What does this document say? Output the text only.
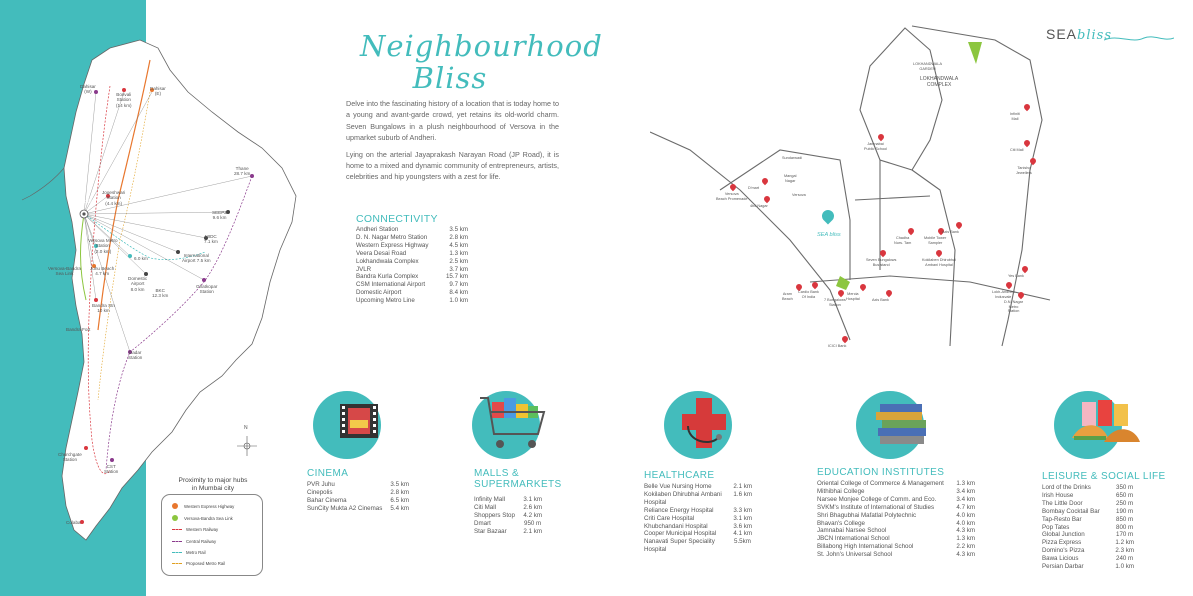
Dahisar
(W)
Borivali
Station
(14 km)
Dahisar
(E)
SEA bliss
Jogeshwari
Station
(4.4 km)
Versova Metro
Station
(2.0 km)
Juhu Beach
4.7 km
Bandra Stn
10 km
Thane
28.7 km
SEEPZ
9.6 km
MIDC
7.1 km
International
Airport 7.5 km
Domestic
Airport
8.0 km	BKC
12.3 km
6.0 km
Ghatkopar
Station
Dadar
Station
Versova-Bandra
Sea Link
Bandra Fort
CST
Station
Churchgate
Station
Colaba
N
Proximity to major hubs
in Mumbai city
Western Express Highway
Versova-Bandra Sea Link
Western Railway
Central Railway
Metro Rail
Proposed Metro Rail
Neighbourhood
Bliss

Delve into the fascinating history of a location that is today home to a young and avant-garde crowd, yet retains its old-world charm. Seven Bungalows in a plush neighbourhood of Versova in the upmarket suburb of Andheri.

Lying on the arterial Jayaprakash Narayan Road (JP Road), it is home to a mixed and dynamic community of entrepreneurs, artists, celebrities and hip youngsters with a zest for life.

CONNECTIVITY
Andheri Station	3.5 km
D. N. Nagar Metro Station	2.8 km
Western Express Highway	4.5 km
Veera Desai Road	1.3 km
Lokhandwala Complex	2.5 km
JVLR	3.7 km
Bandra Kurla Complex	15.7 km
CSM International Airport	9.7 km
Domestic Airport	8.4 km
Upcoming Metro Line	1.0 km
LOKHANDWALA
GARDEN
LOKHANDWALA
COMPLEX
Sundarwadi
Mangal
Nagar
Versova
Infiniti
Mall
Citi Mall
Tanishq
Jewellers
Jamnabai
Public School
Versova
Beach Promenade
D'mart
4bd Nagar
Seven Bungalows
Bus stand
Chadha
Nurs. Tam
Kokilaben Dhirubhai
Ambani Hospital
Mobile Tower
Sampler
Yes Bank
Lokh-Andheri
Indusvale
D.N. Nagar
Metro
Station
Axis Bank
7 Bungalows
Station
Aram
Beach
Cardio Bank
Of India
Mercia
Hospital
Axis Bank
ICICI Bank
SEA bliss
SEAbliss
CINEMA
PVR Juhu	3.5 km
Cinepolis	2.8 km
Bahar Cinema	6.5 km
SunCity Mukta A2 Cinemas 5.4 km
MALLS &
SUPERMARKETS
Infinity Mall	3.1 km
Citi Mall	2.6 km
Shoppers Stop 4.2 km
Dmart	950 m
Star Bazaar	2.1 km
HEALTHCARE
Belle Vue Nursing Home	2.1 km
Kokilaben Dhirubhai Ambani Hospital
1.6 km
Reliance Energy Hospital	3.3 km
Criti Care Hospital	3.1 km
Khubchandani Hospital	3.6 km
Cooper Municipal Hospital	4.1 km
Nanavati Super Speciality Hospital
5.5km
EDUCATION INSTITUTES
Oriental College of Commerce & Management 1.3 km
Mithibhai College	3.4 km
Narsee Monjee College of Comm. and Eco.	3.4 km
SVKM's Institute of International of Studies	4.7 km
Shri Bhagubhai Mafatlal Polytechnic	4.0 km
Bhavan's College	4.0 km
Jamnabai Narsee School	4.3 km
JBCN International School	1.3 km
Billabong High International School	2.2 km
St. John's Universal School	4.3 km
LEISURE & SOCIAL LIFE
Lord of the Drinks	350 m
Irish House	650 m
The Little Door	250 m
Bombay Cocktail Bar	190 m
Tap-Resto Bar	850 m
Pop Tates	800 m
Global Junction	170 m
Pizza Express	1.2 km
Domino's Pizza	2.3 km
Bawa Licious	240 m
Persian Darbar	1.0 km
